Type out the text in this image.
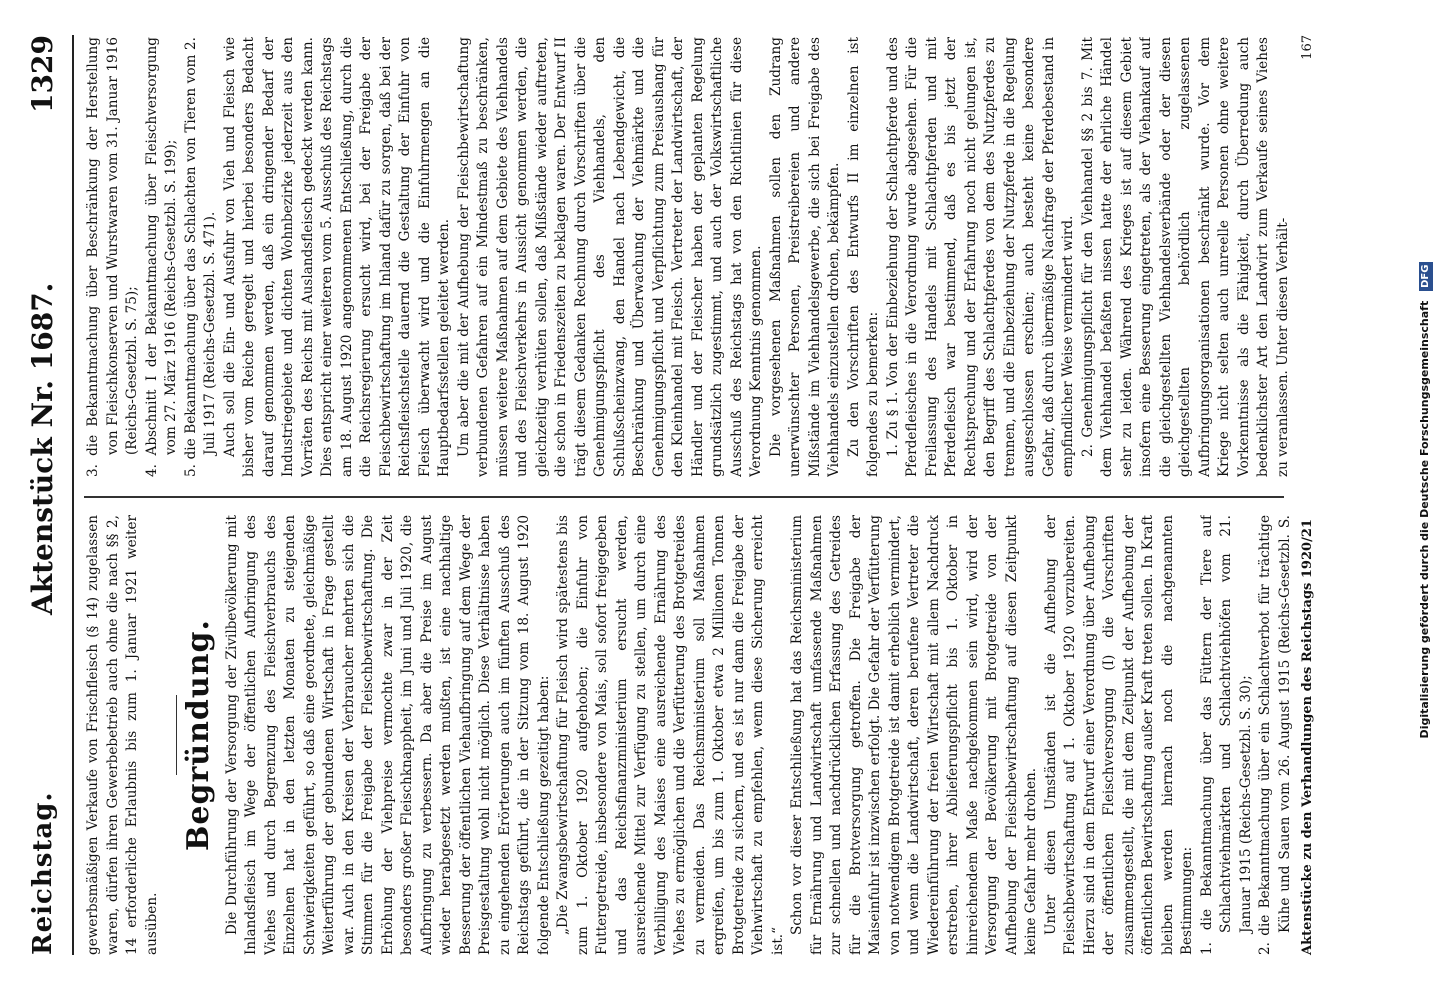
Reichstag.
Aktenstück Nr. 1687.
1329

gewerbsmäßigen Verkaufe von Frischfleisch (§ 14) zugelassen waren, dürfen ihren Gewerbebetrieb auch ohne die nach §§ 2, 14 erforderliche Erlaubnis bis zum 1. Januar 1921 weiter ausüben.

Begründung. Die Durchführung der Versorgung der Zivilbevölkerung mit Inlandsfleisch im Wege der öffentlichen Aufbringung des Viehes und durch Begrenzung des Fleischverbrauchs des Einzelnen hat in den letzten Monaten zu steigenden Schwierigkeiten geführt, so daß eine geordnete, gleichmäßige Weiterführung der gebundenen Wirtschaft in Frage gestellt war. Auch in den Kreisen der Verbraucher mehrten sich die Stimmen für die Freigabe der Fleischbewirtschaftung. Die Erhöhung der Viehpreise vermochte zwar in der Zeit besonders großer Fleischknappheit, im Juni und Juli 1920, die Aufbringung zu verbessern. Da aber die Preise im August wieder herabgesetzt werden mußten, ist eine nachhaltige Besserung der öffentlichen Viehaufbringung auf dem Wege der Preisgestaltung wohl nicht möglich. Diese Verhältnisse haben zu eingehenden Erörterungen auch im fünften Ausschuß des Reichstags geführt, die in der Sitzung vom 18. August 1920 folgende Entschließung gezeitigt haben: „Die Zwangsbewirtschaftung für Fleisch wird spätestens bis zum 1. Oktober 1920 aufgehoben; die Einfuhr von Futtergetreide, insbesondere von Mais, soll sofort freigegeben und das Reichsfinanzministerium ersucht werden, ausreichende Mittel zur Verfügung zu stellen, um durch eine Verbilligung des Maises eine ausreichende Ernährung des Viehes zu ermöglichen und die Verfütterung des Brotgetreides zu vermeiden. Das Reichsministerium soll Maßnahmen ergreifen, um bis zum 1. Oktober etwa 2 Millionen Tonnen Brotgetreide zu sichern, und es ist nur dann die Freigabe der Viehwirtschaft zu empfehlen, wenn diese Sicherung erreicht ist.“

Schon vor dieser Entschließung hat das Reichsministerium für Ernährung und Landwirtschaft umfassende Maßnahmen zur schnellen und nachdrücklichen Erfassung des Getreides für die Brotversorgung getroffen. Die Freigabe der Maiseinfuhr ist inzwischen erfolgt. Die Gefahr der Verfütterung von notwendigem Brotgetreide ist damit erheblich vermindert, und wenn die Landwirtschaft, deren berufene Vertreter die Wiedereinführung der freien Wirtschaft mit allem Nachdruck erstreben, ihrer Ablieferungspflicht bis 1. Oktober in hinreichendem Maße nachgekommen sein wird, wird der Versorgung der Bevölkerung mit Brotgetreide von der Aufhebung der Fleischbewirtschaftung auf diesen Zeitpunkt keine Gefahr mehr drohen. Unter diesen Umständen ist die Aufhebung der Fleischbewirtschaftung auf 1. Oktober 1920 vorzubereiten. Hierzu sind in dem Entwurf einer Verordnung über Aufhebung der öffentlichen Fleischversorgung (I) die Vorschriften zusammengestellt, die mit dem Zeitpunkt der Aufhebung der öffentlichen Bewirtschaftung außer Kraft treten sollen. In Kraft bleiben werden hiernach noch die nachgenannten Bestimmungen: 1. die Bekanntmachung über das Füttern der Tiere auf Schlachtviehmärkten und Schlachtviehhöfen vom 21. Januar 1915 (Reichs-Gesetzbl. S. 30);

2. die Bekanntmachung über ein Schlachtverbot für trächtige Kühe und Sauen vom 26. August 1915 (Reichs-Gesetzbl. S.

3. die Bekanntmachung über Beschränkung der Herstellung von Fleischkonserven und Wurstwaren vom 31. Januar 1916 (Reichs-Gesetzbl. S. 75); 4. Abschnitt I der Bekanntmachung über Fleischversorgung vom 27. März 1916 (Reichs-Gesetzbl. S. 199); 5. die Bekanntmachung über das Schlachten von Tieren vom 2. Juli 1917 (Reichs-Gesetzbl. S. 471). Auch soll die Ein- und Ausfuhr von Vieh und Fleisch wie bisher vom Reiche geregelt und hierbei besonders Bedacht darauf genommen werden, daß ein dringender Bedarf der Industriegebiete und dichten Wohnbezirke jederzeit aus den Vorräten des Reichs mit Auslandsfleisch gedeckt werden kann. Dies entspricht einer weiteren vom 5. Ausschuß des Reichstags am 18. August 1920 angenommenen Entschließung, durch die die Reichsregierung ersucht wird, bei der Freigabe der Fleischbewirtschaftung im Inland dafür zu sorgen, daß bei der Reichsfleischstelle dauernd die Gestaltung der Einfuhr von Fleisch überwacht wird und die Einfuhrmengen an die Hauptbedarfsstellen geleitet werden. Um aber die mit der Aufhebung der Fleischbewirtschaftung verbundenen Gefahren auf ein Mindestmaß zu beschränken, müssen weitere Maßnahmen auf dem Gebiete des Viehhandels und des Fleischverkehrs in Aussicht genommen werden, die gleichzeitig verhüten sollen, daß Mißstände wieder auftreten, die schon in Friedenszeiten zu beklagen waren. Der Entwurf II trägt diesem Gedanken Rechnung durch Vorschriften über die Genehmigungspflicht des Viehhandels, den Schlußscheinzwang, den Handel nach Lebendgewicht, die Beschränkung und Überwachung der Viehmärkte und die Genehmigungspflicht und Verpflichtung zum Preisaushang für den Kleinhandel mit Fleisch. Vertreter der Landwirtschaft, der Händler und der Fleischer haben der geplanten Regelung grundsätzlich zugestimmt, und auch der Volkswirtschaftliche Ausschuß des Reichstags hat von den Richtlinien für diese Verordnung Kenntnis genommen. Die vorgesehenen Maßnahmen sollen den Zudrang unerwünschter Personen, Preistreibereien und andere Mißstände im Viehhandelsgewerbe, die sich bei Freigabe des Viehhandels einzustellen drohen, bekämpfen. Zu den Vorschriften des Entwurfs II im einzelnen ist folgendes zu bemerken: 1. Zu § 1. Von der Einbeziehung der Schlachtpferde und des Pferdefleisches in die Verordnung wurde abgesehen. Für die Freilassung des Handels mit Schlachtpferden und mit Pferdefleisch war bestimmend, daß es bis jetzt der Rechtsprechung und der Erfahrung noch nicht gelungen ist, den Begriff des Schlachtpferdes von dem des Nutzpferdes zu trennen, und die Einbeziehung der Nutzpferde in die Regelung ausgeschlossen erschien; auch besteht keine besondere Gefahr, daß durch übermäßige Nachfrage der Pferdebestand in empfindlicher Weise vermindert wird. 2. Genehmigungspflicht für den Viehhandel §§ 2 bis 7. Mit dem Viehhandel befaßten nissen hatte der ehrliche Händel sehr zu leiden. Während des Krieges ist auf diesem Gebiet insofern eine Besserung eingetreten, als der Viehankauf auf die gleichgestellten Viehhandelsverbände oder der diesen gleichgestellten behördlich zugelassenen Aufbringungsorganisationen beschränkt wurde. Vor dem Kriege nicht selten auch unreelle Personen ohne weitere Vorkenntnisse als die Fähigkeit, durch Überredung auch bedenklichster Art den Landwirt zum Verkaufe seines Viehes zu veranlassen. Unter diesen Verhält-

Aktenstücke zu den Verhandlungen des Reichstags 1920/21
167
Digitalisierung gefördert durch die Deutsche Forschungsgemeinschaft DFG
